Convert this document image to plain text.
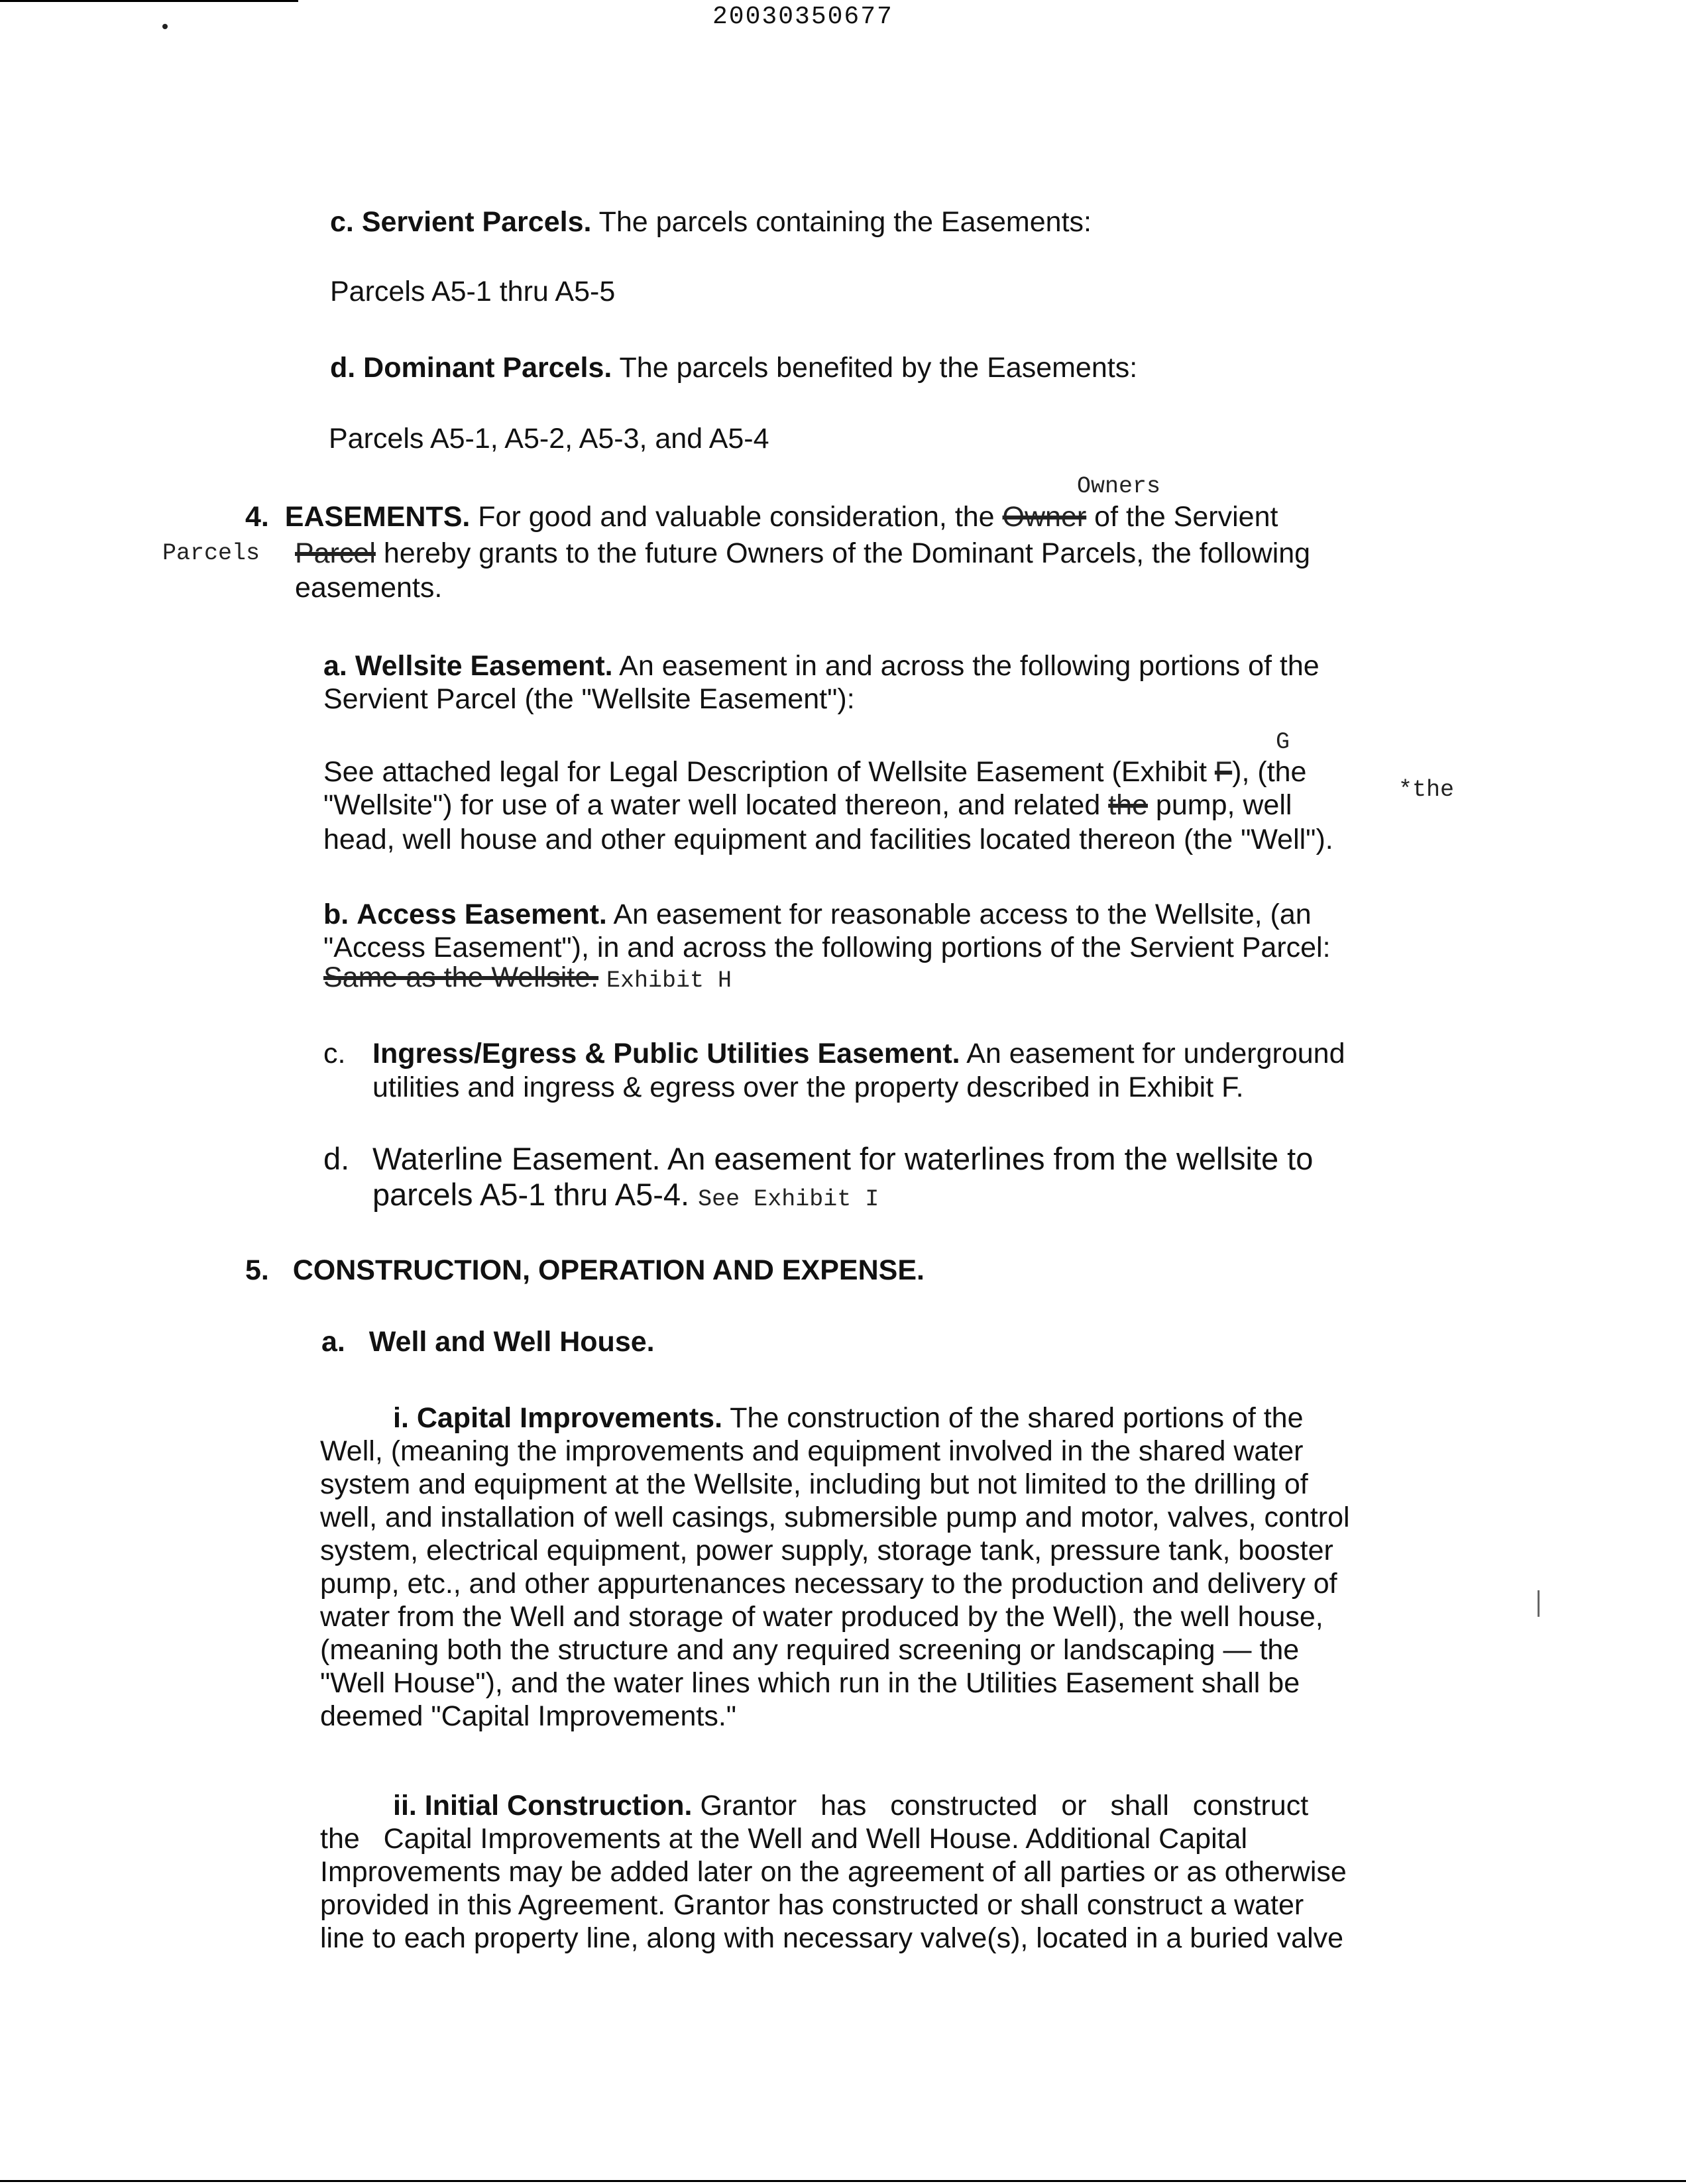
20030350677
c. Servient Parcels. The parcels containing the Easements:
Parcels A5-1 thru A5-5
d. Dominant Parcels. The parcels benefited by the Easements:
Parcels A5-1, A5-2, A5-3, and A5-4
Owners
4. EASEMENTS. For good and valuable consideration, the Owner of the Servient
Parcels Parcel hereby grants to the future Owners of the Dominant Parcels, the following
easements.
a. Wellsite Easement. An easement in and across the following portions of the
Servient Parcel (the "Wellsite Easement"):
G
*the
See attached legal for Legal Description of Wellsite Easement (Exhibit F), (the
"Wellsite") for use of a water well located thereon, and related the pump, well
head, well house and other equipment and facilities located thereon (the "Well").
b. Access Easement. An easement for reasonable access to the Wellsite, (an
"Access Easement"), in and across the following portions of the Servient Parcel:
Same as the Wellsite. Exhibit H
c. Ingress/Egress & Public Utilities Easement. An easement for underground
utilities and ingress & egress over the property described in Exhibit F.
d. Waterline Easement. An easement for waterlines from the wellsite to
parcels A5-1 thru A5-4. See Exhibit I
5. CONSTRUCTION, OPERATION AND EXPENSE.
a. Well and Well House.
i. Capital Improvements. The construction of the shared portions of the
Well, (meaning the improvements and equipment involved in the shared water
system and equipment at the Wellsite, including but not limited to the drilling of
well, and installation of well casings, submersible pump and motor, valves, control
system, electrical equipment, power supply, storage tank, pressure tank, booster
pump, etc., and other appurtenances necessary to the production and delivery of
water from the Well and storage of water produced by the Well), the well house,
(meaning both the structure and any required screening or landscaping — the
"Well House"), and the water lines which run in the Utilities Easement shall be
deemed "Capital Improvements."
ii. Initial Construction. Grantor   has   constructed   or   shall   construct
the   Capital Improvements at the Well and Well House. Additional Capital
Improvements may be added later on the agreement of all parties or as otherwise
provided in this Agreement. Grantor has constructed or shall construct a water
line to each property line, along with necessary valve(s), located in a buried valve
